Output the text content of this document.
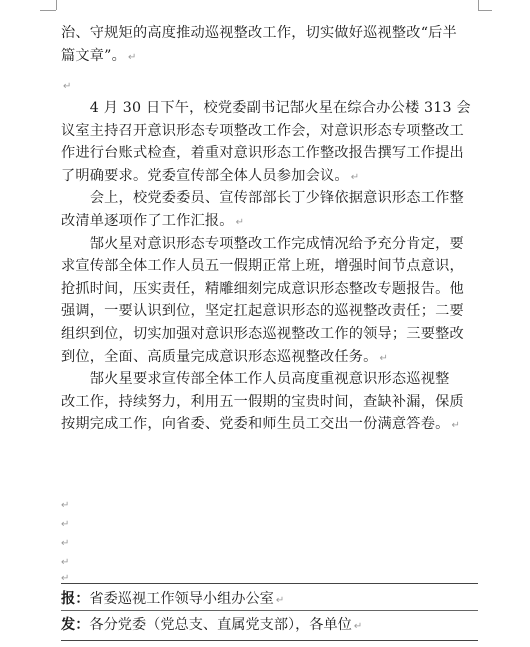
治、守规矩的高度推动巡视整改工作，切实做好巡视整改“后半
篇文章”。 ↵
↵
　　4 月 30 日下午，校党委副书记郜火星在综合办公楼 313 会
议室主持召开意识形态专项整改工作会，对意识形态专项整改工
作进行台账式检查，着重对意识形态工作整改报告撰写工作提出
了明确要求。党委宣传部全体人员参加会议。 ↵
　　会上，校党委委员、宣传部部长丁少锋依据意识形态工作整
改清单逐项作了工作汇报。 ↵
　　郜火星对意识形态专项整改工作完成情况给予充分肯定，要
求宣传部全体工作人员五一假期正常上班，增强时间节点意识，
抢抓时间，压实责任，精雕细刻完成意识形态整改专题报告。他
强调，一要认识到位，坚定扛起意识形态的巡视整改责任；二要
组织到位，切实加强对意识形态巡视整改工作的领导；三要整改
到位，全面、高质量完成意识形态巡视整改任务。 ↵
　　郜火星要求宣传部全体工作人员高度重视意识形态巡视整
改工作，持续努力，利用五一假期的宝贵时间，查缺补漏，保质
按期完成工作，向省委、党委和师生员工交出一份满意答卷。 ↵
↵
↵
↵
↵
↵
报：省委巡视工作领导小组办公室 ↵
发：各分党委（党总支、直属党支部），各单位 ↵
